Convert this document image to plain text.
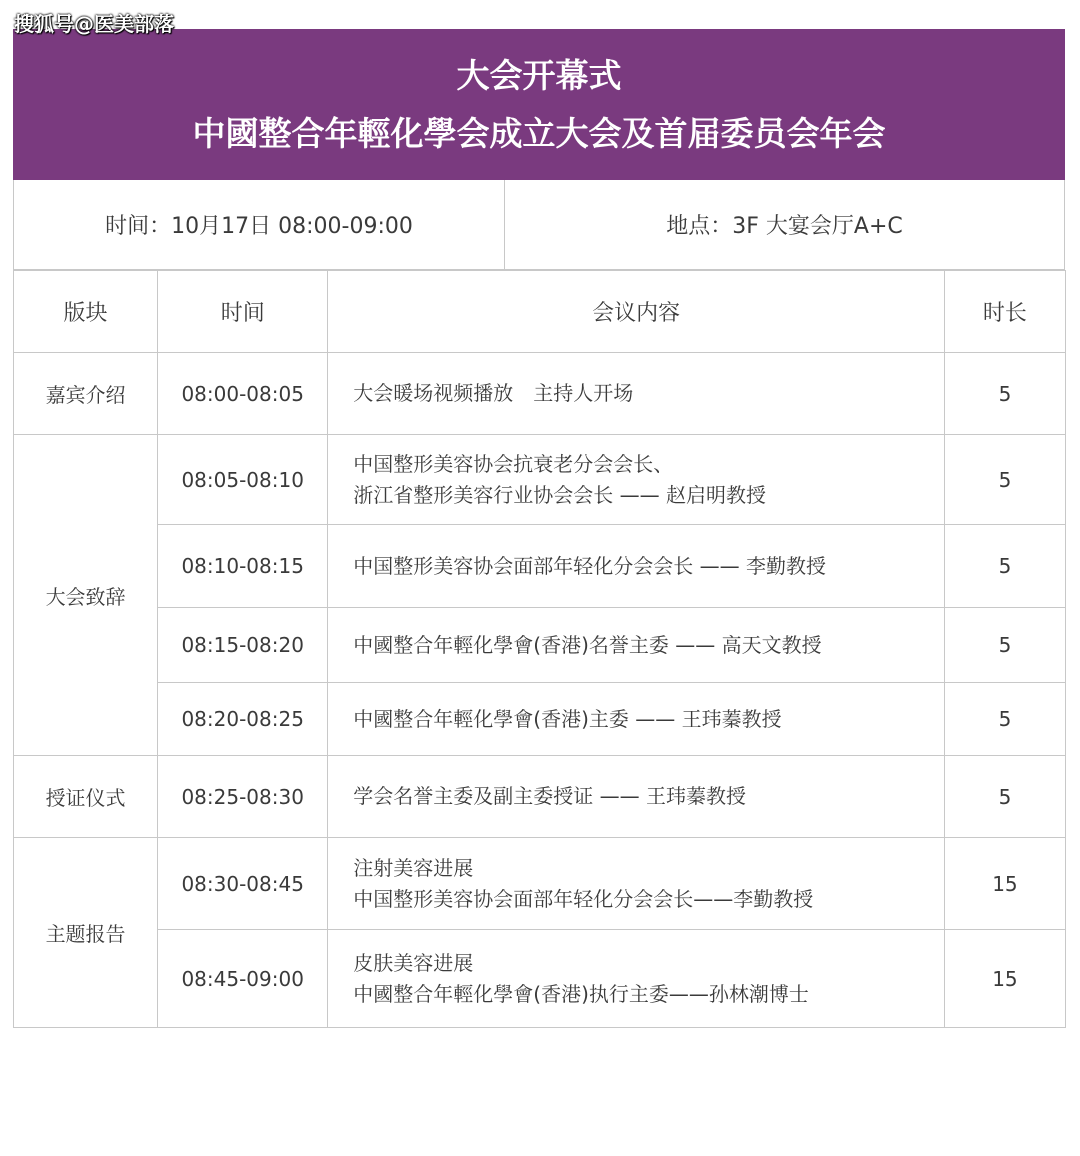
搜狐号@医美部落
大会开幕式
中國整合年輕化學会成立大会及首届委员会年会
时间：10月17日 08:00-09:00	地点：3F 大宴会厅A+C
版块	时间	会议内容	时长
嘉宾介绍	08:00-08:05	大会暖场视频播放　主持人开场	5
大会致辞	08:05-08:10	中国整形美容协会抗衰老分会会长、
浙江省整形美容行业协会会长 —— 赵启明教授	5
	08:10-08:15	中国整形美容协会面部年轻化分会会长 —— 李勤教授	5
	08:15-08:20	中國整合年輕化學會(香港)名誉主委 —— 高天文教授	5
	08:20-08:25	中國整合年輕化學會(香港)主委 —— 王玮蓁教授	5
授证仪式	08:25-08:30	学会名誉主委及副主委授证 —— 王玮蓁教授	5
主题报告	08:30-08:45	注射美容进展
中国整形美容协会面部年轻化分会会长——李勤教授	15
	08:45-09:00	皮肤美容进展
中國整合年輕化學會(香港)执行主委——孙林潮博士	15
